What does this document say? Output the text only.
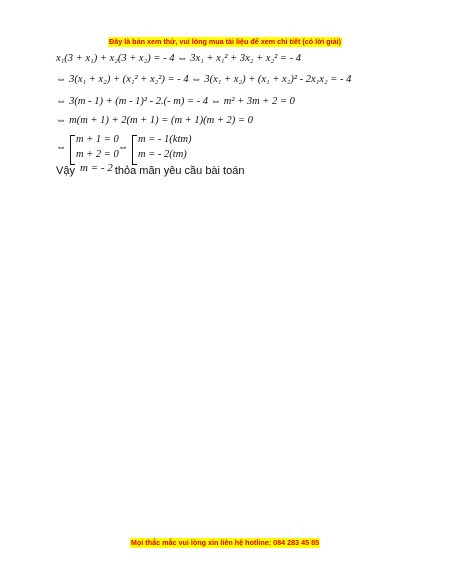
Đây là bản xem thử, vui lòng mua tài liệu để xem chi tiết (có lời giải)
x₁(3 + x₁) + x₂(3 + x₂) = - 4 ⇔ 3x₁ + x₁² + 3x₂ + x₂² = - 4
⇔ 3(x₁ + x₂) + (x₁² + x₂²) = - 4 ⇔ 3(x₁ + x₂) + (x₁ + x₂)² - 2x₁x₂ = - 4
⇔ 3(m - 1) + (m - 1)² - 2.(- m) = - 4 ⇔ m² + 3m + 2 = 0
⇔ m(m + 1) + 2(m + 1) = (m + 1)(m + 2) = 0
⇔
m + 1 = 0
m + 2 = 0
⇔
m = - 1(ktm)
m = - 2(tm)
Vậy m = - 2 thỏa mãn yêu cầu bài toán
Mọi thắc mắc vui lòng xin liên hệ hotline: 084 283 45 85
